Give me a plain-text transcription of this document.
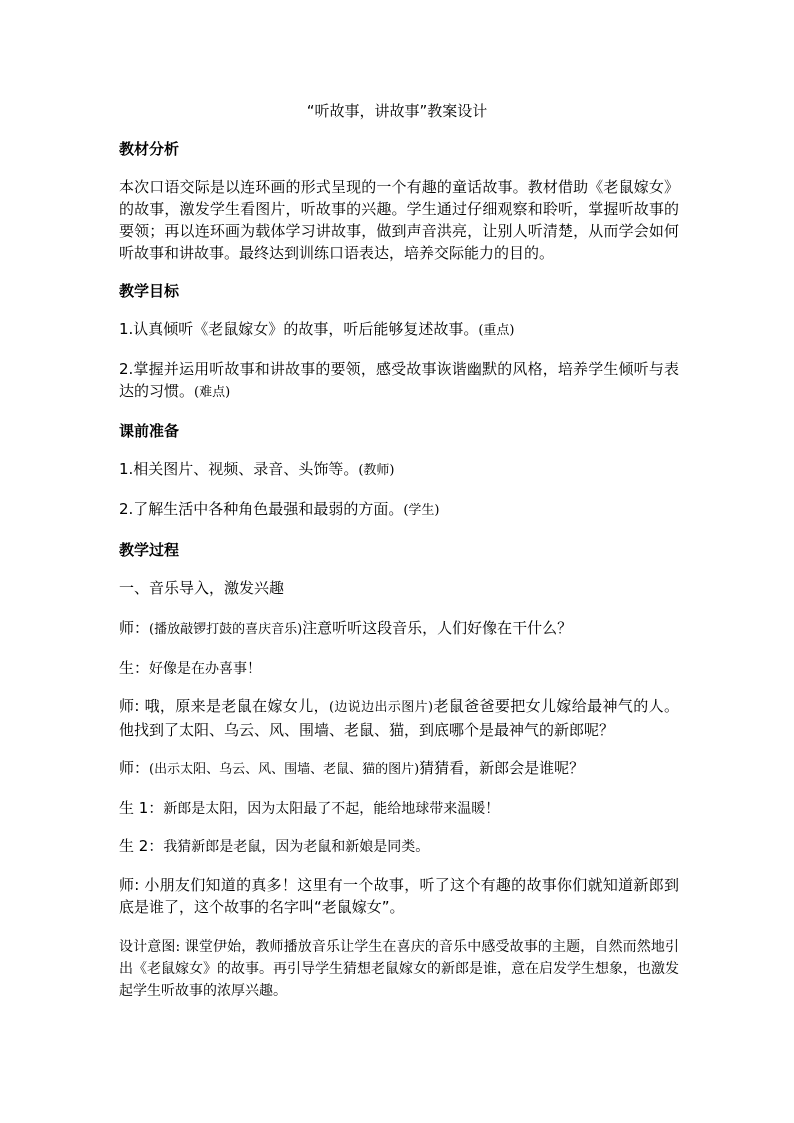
“听故事，讲故事”教案设计
教材分析
本次口语交际是以连环画的形式呈现的一个有趣的童话故事。教材借助《老鼠嫁女》的故事，激发学生看图片，听故事的兴趣。学生通过仔细观察和聆听，掌握听故事的要领；再以连环画为载体学习讲故事，做到声音洪亮，让别人听清楚，从而学会如何听故事和讲故事。最终达到训练口语表达，培养交际能力的目的。
教学目标
1.认真倾听《老鼠嫁女》的故事，听后能够复述故事。(重点)
2.掌握并运用听故事和讲故事的要领，感受故事诙谐幽默的风格，培养学生倾听与表达的习惯。(难点)
课前准备
1.相关图片、视频、录音、头饰等。(教师)
2.了解生活中各种角色最强和最弱的方面。(学生)
教学过程
一、音乐导入，激发兴趣
师：(播放敲锣打鼓的喜庆音乐)注意听听这段音乐，人们好像在干什么？
生：好像是在办喜事！
师: 哦，原来是老鼠在嫁女儿，(边说边出示图片)老鼠爸爸要把女儿嫁给最神气的人。他找到了太阳、乌云、风、围墙、老鼠、猫，到底哪个是最神气的新郎呢？
师：(出示太阳、乌云、风、围墙、老鼠、猫的图片)猜猜看，新郎会是谁呢？
生 1：新郎是太阳，因为太阳最了不起，能给地球带来温暖！
生 2：我猜新郎是老鼠，因为老鼠和新娘是同类。
师: 小朋友们知道的真多！这里有一个故事，听了这个有趣的故事你们就知道新郎到底是谁了，这个故事的名字叫“老鼠嫁女”。
设计意图: 课堂伊始，教师播放音乐让学生在喜庆的音乐中感受故事的主题，自然而然地引出《老鼠嫁女》的故事。再引导学生猜想老鼠嫁女的新郎是谁，意在启发学生想象，也激发起学生听故事的浓厚兴趣。
